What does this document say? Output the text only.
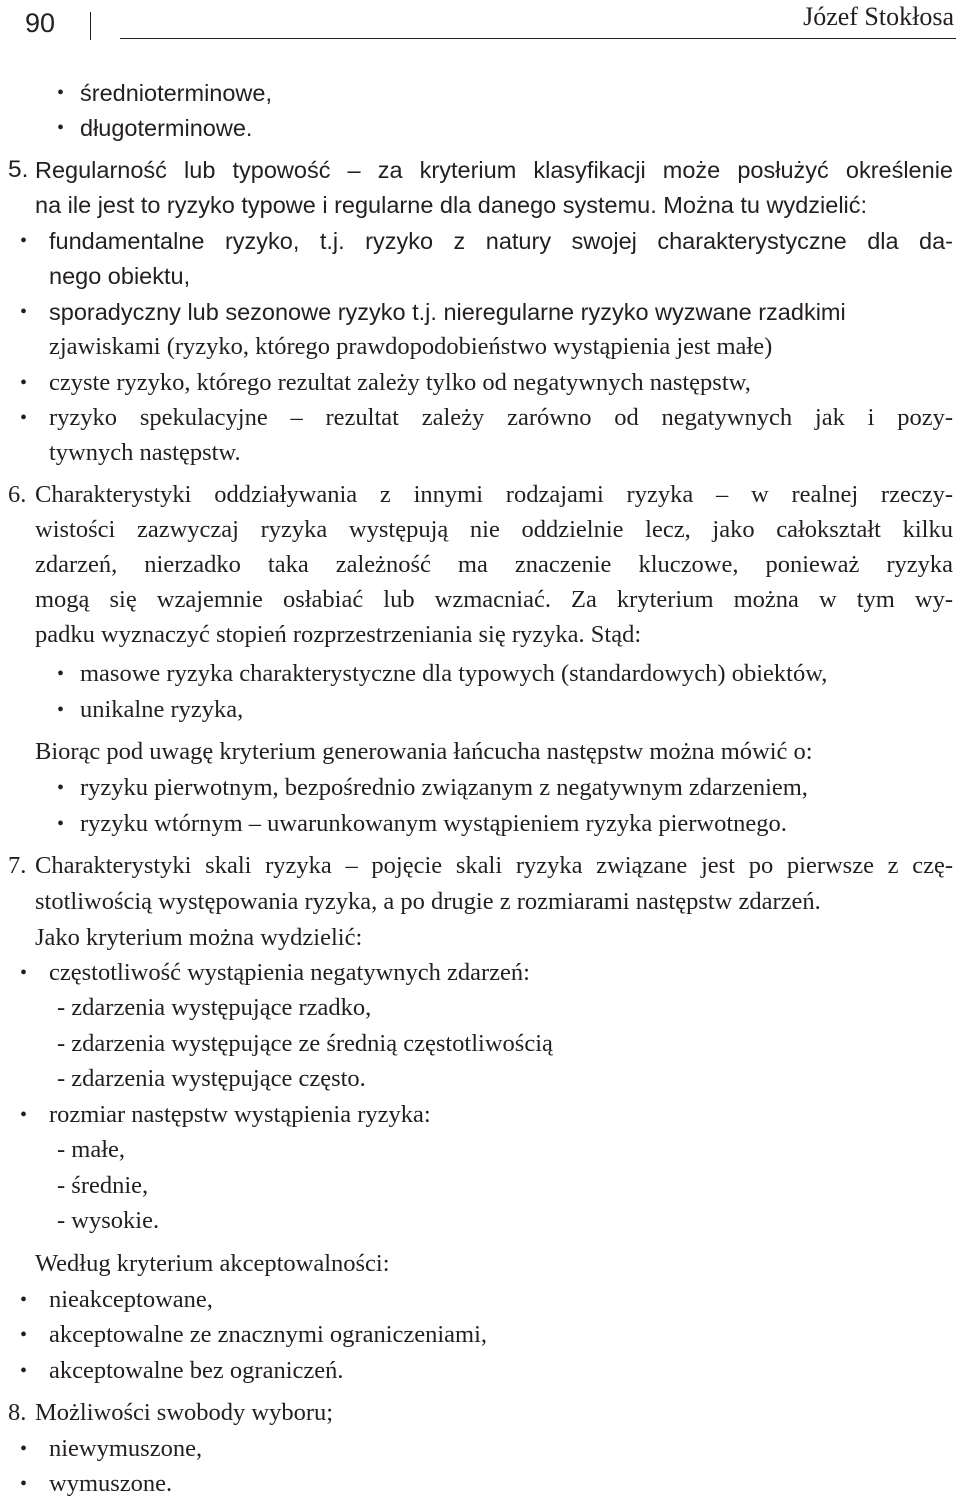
90	Józef Stokłosa
• średnioterminowe,
• długoterminowe.
5. Regularność lub typowość – za kryterium klasyfikacji może posłużyć określenie
na ile jest to ryzyko typowe i regularne dla danego systemu. Można tu wydzielić:
• fundamentalne ryzyko, t.j. ryzyko z natury swojej charakterystyczne dla da-
nego obiektu,
• sporadyczny lub sezonowe ryzyko t.j. nieregularne ryzyko wyzwane rzadkimi
zjawiskami (ryzyko, którego prawdopodobieństwo wystąpienia jest małe)
• czyste ryzyko, którego rezultat zależy tylko od negatywnych następstw,
• ryzyko spekulacyjne – rezultat zależy zarówno od negatywnych jak i pozy-
tywnych następstw.
6. Charakterystyki oddziaływania z innymi rodzajami ryzyka – w realnej rzeczy-
wistości zazwyczaj ryzyka występują nie oddzielnie lecz, jako całokształt kilku
zdarzeń, nierzadko taka zależność ma znaczenie kluczowe, ponieważ ryzyka
mogą się wzajemnie osłabiać lub wzmacniać. Za kryterium można w tym wy-
padku wyznaczyć stopień rozprzestrzeniania się ryzyka. Stąd:
• masowe ryzyka charakterystyczne dla typowych (standardowych) obiektów,
• unikalne ryzyka,
Biorąc pod uwagę kryterium generowania łańcucha następstw można mówić o:
• ryzyku pierwotnym, bezpośrednio związanym z negatywnym zdarzeniem,
• ryzyku wtórnym – uwarunkowanym wystąpieniem ryzyka pierwotnego.
7. Charakterystyki skali ryzyka – pojęcie skali ryzyka związane jest po pierwsze z czę-
stotliwością występowania ryzyka, a po drugie z rozmiarami następstw zdarzeń.
Jako kryterium można wydzielić:
• częstotliwość wystąpienia negatywnych zdarzeń:
- zdarzenia występujące rzadko,
- zdarzenia występujące ze średnią częstotliwością
- zdarzenia występujące często.
• rozmiar następstw wystąpienia ryzyka:
- małe,
- średnie,
- wysokie.
Według kryterium akceptowalności:
• nieakceptowane,
• akceptowalne ze znacznymi ograniczeniami,
• akceptowalne bez ograniczeń.
8. Możliwości swobody wyboru;
• niewymuszone,
• wymuszone.
